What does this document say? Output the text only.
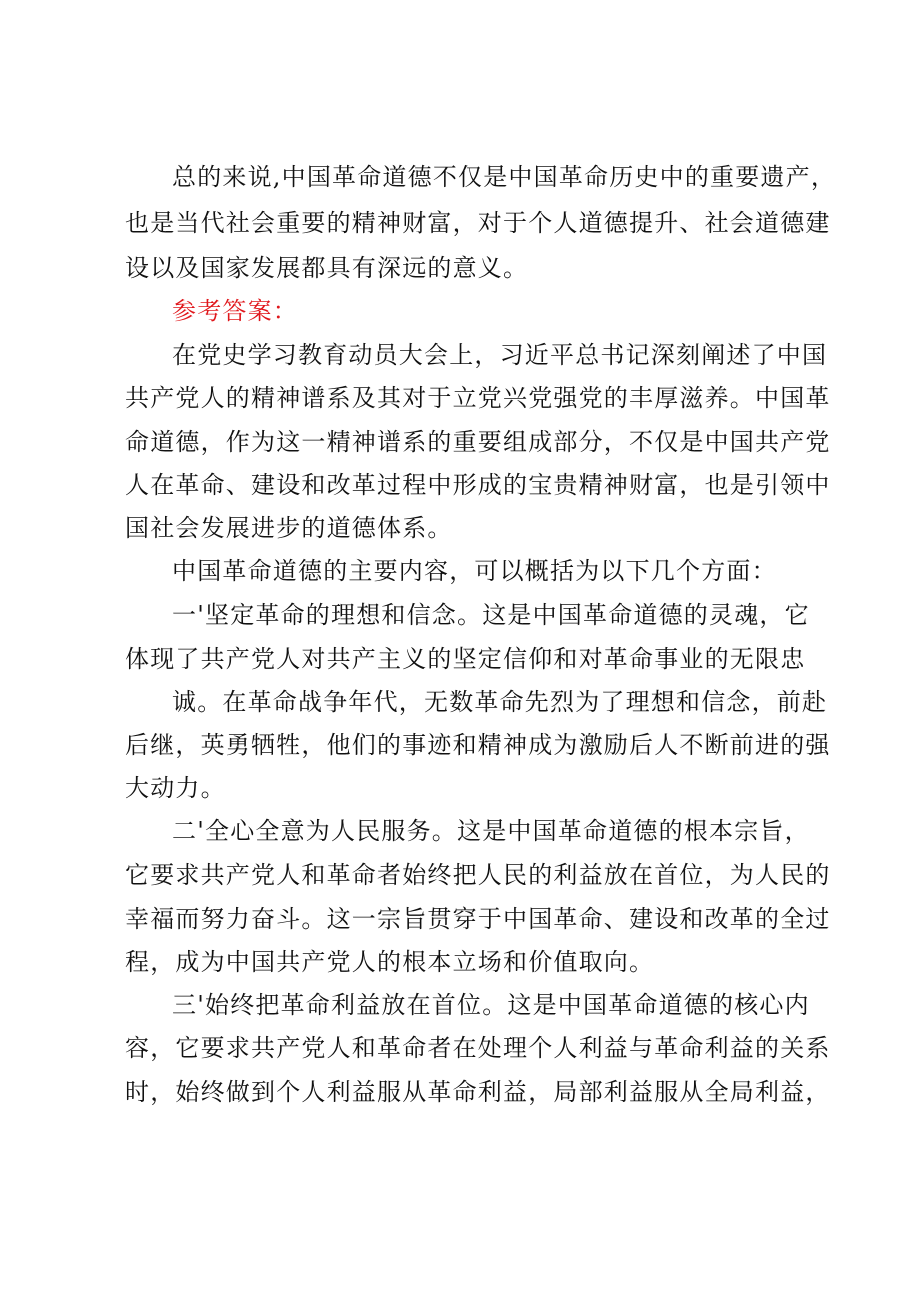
总的来说,中国革命道德不仅是中国革命历史中的重要遗产，
也是当代社会重要的精神财富，对于个人道德提升、社会道德建
设以及国家发展都具有深远的意义。
参考答案：
在党史学习教育动员大会上，习近平总书记深刻阐述了中国
共产党人的精神谱系及其对于立党兴党强党的丰厚滋养。中国革
命道德，作为这一精神谱系的重要组成部分，不仅是中国共产党
人在革命、建设和改革过程中形成的宝贵精神财富，也是引领中
国社会发展进步的道德体系。
中国革命道德的主要内容，可以概括为以下几个方面：
一'坚定革命的理想和信念。这是中国革命道德的灵魂，它
体现了共产党人对共产主义的坚定信仰和对革命事业的无限忠
诚。在革命战争年代，无数革命先烈为了理想和信念，前赴
后继，英勇牺牲，他们的事迹和精神成为激励后人不断前进的强
大动力。
二'全心全意为人民服务。这是中国革命道德的根本宗旨，
它要求共产党人和革命者始终把人民的利益放在首位，为人民的
幸福而努力奋斗。这一宗旨贯穿于中国革命、建设和改革的全过
程，成为中国共产党人的根本立场和价值取向。
三'始终把革命利益放在首位。这是中国革命道德的核心内
容，它要求共产党人和革命者在处理个人利益与革命利益的关系
时，始终做到个人利益服从革命利益，局部利益服从全局利益，
